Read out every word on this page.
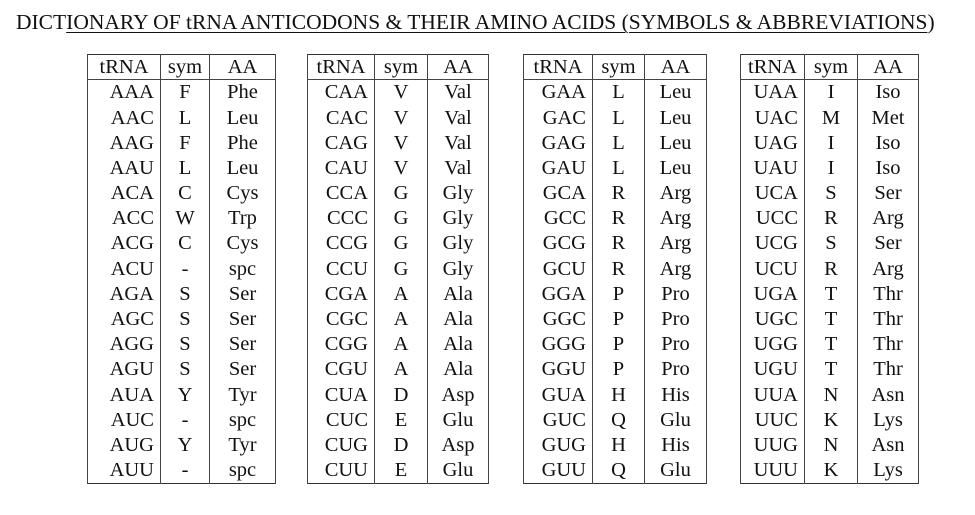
DICTIONARY OF tRNA ANTICODONS & THEIR AMINO ACIDS (SYMBOLS & ABBREVIATIONS)
tRNA	sym	AA
AAA	F	Phe
AAC	L	Leu
AAG	F	Phe
AAU	L	Leu
ACA	C	Cys
ACC	W	Trp
ACG	C	Cys
ACU	-	spc
AGA	S	Ser
AGC	S	Ser
AGG	S	Ser
AGU	S	Ser
AUA	Y	Tyr
AUC	-	spc
AUG	Y	Tyr
AUU	-	spc
tRNA	sym	AA
CAA	V	Val
CAC	V	Val
CAG	V	Val
CAU	V	Val
CCA	G	Gly
CCC	G	Gly
CCG	G	Gly
CCU	G	Gly
CGA	A	Ala
CGC	A	Ala
CGG	A	Ala
CGU	A	Ala
CUA	D	Asp
CUC	E	Glu
CUG	D	Asp
CUU	E	Glu
tRNA	sym	AA
GAA	L	Leu
GAC	L	Leu
GAG	L	Leu
GAU	L	Leu
GCA	R	Arg
GCC	R	Arg
GCG	R	Arg
GCU	R	Arg
GGA	P	Pro
GGC	P	Pro
GGG	P	Pro
GGU	P	Pro
GUA	H	His
GUC	Q	Glu
GUG	H	His
GUU	Q	Glu
tRNA	sym	AA
UAA	I	Iso
UAC	M	Met
UAG	I	Iso
UAU	I	Iso
UCA	S	Ser
UCC	R	Arg
UCG	S	Ser
UCU	R	Arg
UGA	T	Thr
UGC	T	Thr
UGG	T	Thr
UGU	T	Thr
UUA	N	Asn
UUC	K	Lys
UUG	N	Asn
UUU	K	Lys
